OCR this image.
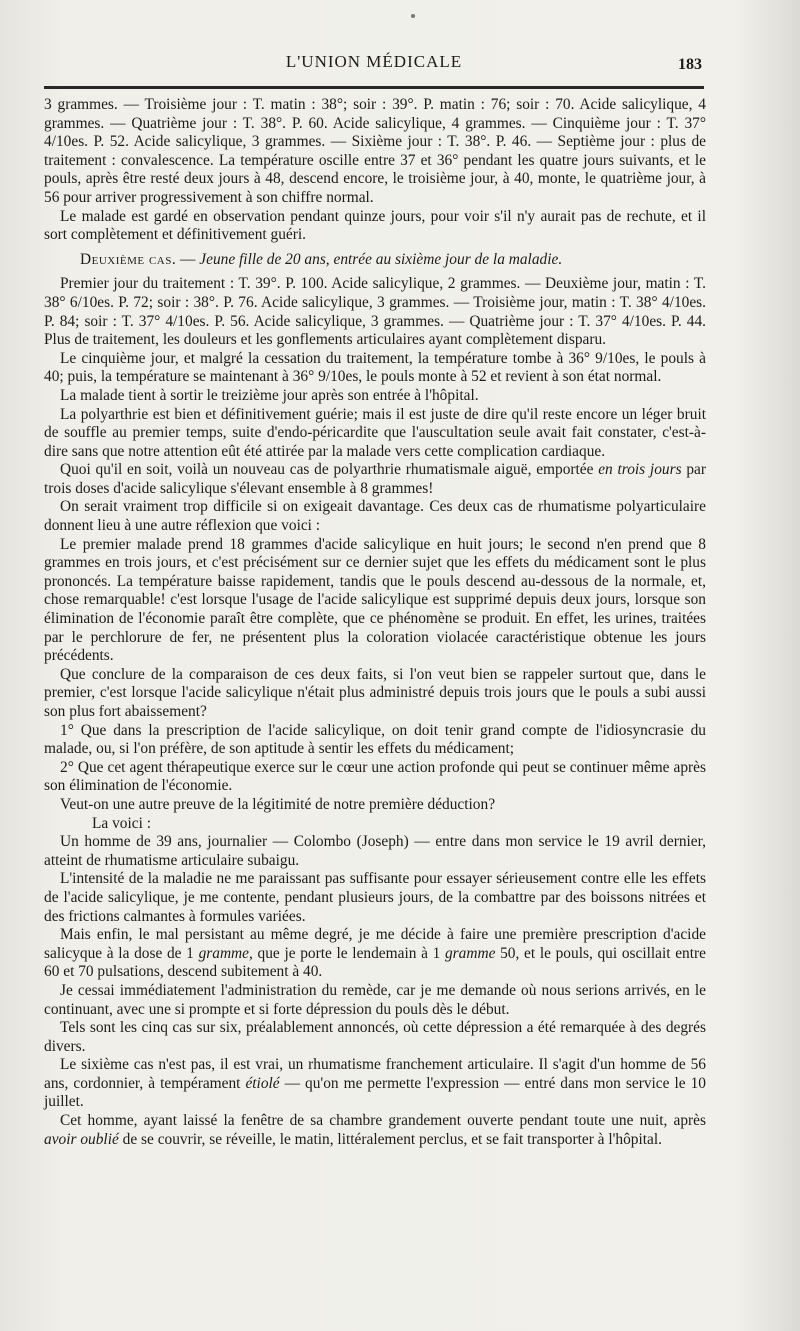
L'UNION MÉDICALE	183

3 grammes. — Troisième jour : T. matin : 38°; soir : 39°. P. matin : 76; soir : 70. Acide salicylique, 4 grammes. — Quatrième jour : T. 38°. P. 60. Acide salicylique, 4 grammes. — Cinquième jour : T. 37° 4/10es. P. 52. Acide salicylique, 3 grammes. — Sixième jour : T. 38°. P. 46. — Septième jour : plus de traitement : convalescence. La température oscille entre 37 et 36° pendant les quatre jours suivants, et le pouls, après être resté deux jours à 48, descend encore, le troisième jour, à 40, monte, le quatrième jour, à 56 pour arriver progressivement à son chiffre normal.

Le malade est gardé en observation pendant quinze jours, pour voir s'il n'y aurait pas de rechute, et il sort complètement et définitivement guéri.

Deuxième cas. — Jeune fille de 20 ans, entrée au sixième jour de la maladie.

Premier jour du traitement : T. 39°. P. 100. Acide salicylique, 2 grammes. — Deuxième jour, matin : T. 38° 6/10es. P. 72; soir : 38°. P. 76. Acide salicylique, 3 grammes. — Troisième jour, matin : T. 38° 4/10es. P. 84; soir : T. 37° 4/10es. P. 56. Acide salicylique, 3 grammes. — Quatrième jour : T. 37° 4/10es. P. 44. Plus de traitement, les douleurs et les gonflements articulaires ayant complètement disparu.

Le cinquième jour, et malgré la cessation du traitement, la température tombe à 36° 9/10es, le pouls à 40; puis, la température se maintenant à 36° 9/10es, le pouls monte à 52 et revient à son état normal.

La malade tient à sortir le treizième jour après son entrée à l'hôpital.

La polyarthrie est bien et définitivement guérie; mais il est juste de dire qu'il reste encore un léger bruit de souffle au premier temps, suite d'endo-péricardite que l'auscultation seule avait fait constater, c'est-à-dire sans que notre attention eût été attirée par la malade vers cette complication cardiaque.

Quoi qu'il en soit, voilà un nouveau cas de polyarthrie rhumatismale aiguë, emportée en trois jours par trois doses d'acide salicylique s'élevant ensemble à 8 grammes!

On serait vraiment trop difficile si on exigeait davantage. Ces deux cas de rhumatisme polyarticulaire donnent lieu à une autre réflexion que voici :

Le premier malade prend 18 grammes d'acide salicylique en huit jours; le second n'en prend que 8 grammes en trois jours, et c'est précisément sur ce dernier sujet que les effets du médicament sont le plus prononcés. La température baisse rapidement, tandis que le pouls descend au-dessous de la normale, et, chose remarquable! c'est lorsque l'usage de l'acide salicylique est supprimé depuis deux jours, lorsque son élimination de l'économie paraît être complète, que ce phénomène se produit. En effet, les urines, traitées par le perchlorure de fer, ne présentent plus la coloration violacée caractéristique obtenue les jours précédents.

Que conclure de la comparaison de ces deux faits, si l'on veut bien se rappeler surtout que, dans le premier, c'est lorsque l'acide salicylique n'était plus administré depuis trois jours que le pouls a subi aussi son plus fort abaissement?

1° Que dans la prescription de l'acide salicylique, on doit tenir grand compte de l'idiosyncrasie du malade, ou, si l'on préfère, de son aptitude à sentir les effets du médicament;

2° Que cet agent thérapeutique exerce sur le cœur une action profonde qui peut se continuer même après son élimination de l'économie.

Veut-on une autre preuve de la légitimité de notre première déduction?

La voici :

Un homme de 39 ans, journalier — Colombo (Joseph) — entre dans mon service le 19 avril dernier, atteint de rhumatisme articulaire subaigu.

L'intensité de la maladie ne me paraissant pas suffisante pour essayer sérieusement contre elle les effets de l'acide salicylique, je me contente, pendant plusieurs jours, de la combattre par des boissons nitrées et des frictions calmantes à formules variées.

Mais enfin, le mal persistant au même degré, je me décide à faire une première prescription d'acide salicyque à la dose de 1 gramme, que je porte le lendemain à 1 gramme 50, et le pouls, qui oscillait entre 60 et 70 pulsations, descend subitement à 40.

Je cessai immédiatement l'administration du remède, car je me demande où nous serions arrivés, en le continuant, avec une si prompte et si forte dépression du pouls dès le début.

Tels sont les cinq cas sur six, préalablement annoncés, où cette dépression a été remarquée à des degrés divers.

Le sixième cas n'est pas, il est vrai, un rhumatisme franchement articulaire. Il s'agit d'un homme de 56 ans, cordonnier, à tempérament étiolé — qu'on me permette l'expression — entré dans mon service le 10 juillet.

Cet homme, ayant laissé la fenêtre de sa chambre grandement ouverte pendant toute une nuit, après avoir oublié de se couvrir, se réveille, le matin, littéralement perclus, et se fait transporter à l'hôpital.
